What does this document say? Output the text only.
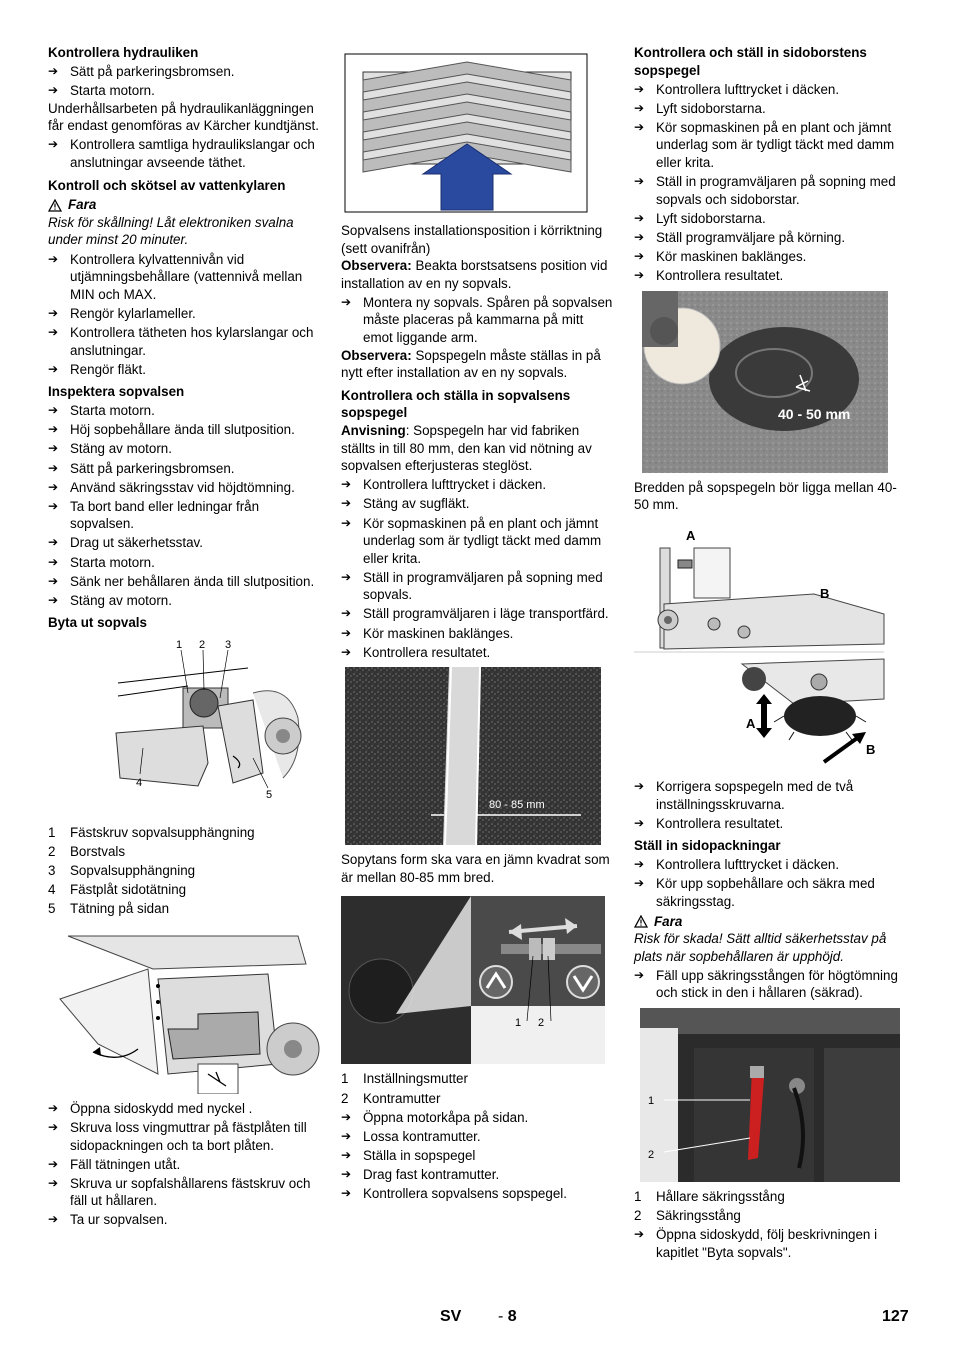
Kontrollera hydrauliken
➔ Sätt på parkeringsbromsen.
➔ Starta motorn.

Underhållsarbeten på hydraulikanläggningen får endast genomföras av Kärcher kundtjänst.

➔ Kontrollera samtliga hydraulikslangar och anslutningar avseende täthet.
Kontroll och skötsel av vattenkylaren
Fara

Risk för skållning! Låt elektroniken svalna under minst 20 minuter.

➔ Kontrollera kylvattennivån vid utjämningsbehållare (vattennivå mellan MIN och MAX.
➔ Rengör kylarlameller.
➔ Kontrollera tätheten hos kylarslangar och anslutningar.
➔ Rengör fläkt.
Inspektera sopvalsen
➔ Starta motorn.
➔ Höj sopbehållare ända till slutposition.
➔ Stäng av motorn.
➔ Sätt på parkeringsbromsen.
➔ Använd säkringsstav vid höjdtömning.
➔ Ta bort band eller ledningar från sopvalsen.
➔ Drag ut säkerhetsstav.
➔ Starta motorn.
➔ Sänk ner behållaren ända till slutposition.
➔ Stäng av motorn.
Byta ut sopvals
1 2 3
4
5
1 Fästskruv sopvalsupphängning
2 Borstvals
3 Sopvalsupphängning
4 Fästplåt sidotätning
5 Tätning på sidan
➔ Öppna sidoskydd med nyckel .
➔ Skruva loss vingmuttrar på fästplåten till sidopackningen och ta bort plåten.
➔ Fäll tätningen utåt.
➔ Skruva ur sopfalshållarens fästskruv och fäll ut hållaren.
➔ Ta ur sopvalsen.

Sopvalsens installationsposition i körriktning (sett ovanifrån)

Observera: Beakta borstsatsens position vid installation av en ny sopvals.

➔ Montera ny sopvals. Spåren på sopvalsen måste placeras på kammarna på mitt emot liggande arm.

Observera: Sopspegeln måste ställas in på nytt efter installation av en ny sopvals.

Kontrollera och ställa in sopvalsens sopspegel

Anvisning: Sopspegeln har vid fabriken ställts in till 80 mm, den kan vid nötning av sopvalsen efterjusteras steglöst.

➔ Kontrollera lufttrycket i däcken.
➔ Stäng av sugfläkt.
➔ Kör sopmaskinen på en plant och jämnt underlag som är tydligt täckt med damm eller krita.
➔ Ställ in programväljaren på sopning med sopvals.
➔ Ställ programväljaren i läge transportfärd.
➔ Kör maskinen baklänges.
➔ Kontrollera resultatet.
80 - 85 mm

Sopytans form ska vara en jämn kvadrat som är mellan 80-85 mm bred.

1 2
1 Inställningsmutter
2 Kontramutter
➔ Öppna motorkåpa på sidan.
➔ Lossa kontramutter.
➔ Ställa in sopspegel
➔ Drag fast kontramutter.
➔ Kontrollera sopvalsens sopspegel.
Kontrollera och ställ in sidoborstens sopspegel
➔ Kontrollera lufttrycket i däcken.
➔ Lyft sidoborstarna.
➔ Kör sopmaskinen på en plant och jämnt underlag som är tydligt täckt med damm eller krita.
➔ Ställ in programväljaren på sopning med sopvals och sidoborstar.
➔ Lyft sidoborstarna.
➔ Ställ programväljare på körning.
➔ Kör maskinen baklänges.
➔ Kontrollera resultatet.
40 - 50 mm

Bredden på sopspegeln bör ligga mellan 40-50 mm.

A
B
A
B
➔ Korrigera sopspegeln med de två inställningsskruvarna.
➔ Kontrollera resultatet.
Ställ in sidopackningar
➔ Kontrollera lufttrycket i däcken.
➔ Kör upp sopbehållare och säkra med säkringsstag.
Fara

Risk för skada! Sätt alltid säkerhetsstav på plats när sopbehållaren är upphöjd.

➔ Fäll upp säkringsstången för högtömning och stick in den i hållaren (säkrad).
1
2
1 Hållare säkringsstång
2 Säkringsstång
➔ Öppna sidoskydd, följ beskrivningen i kapitlet "Byta sopvals".
SV - 8	127
